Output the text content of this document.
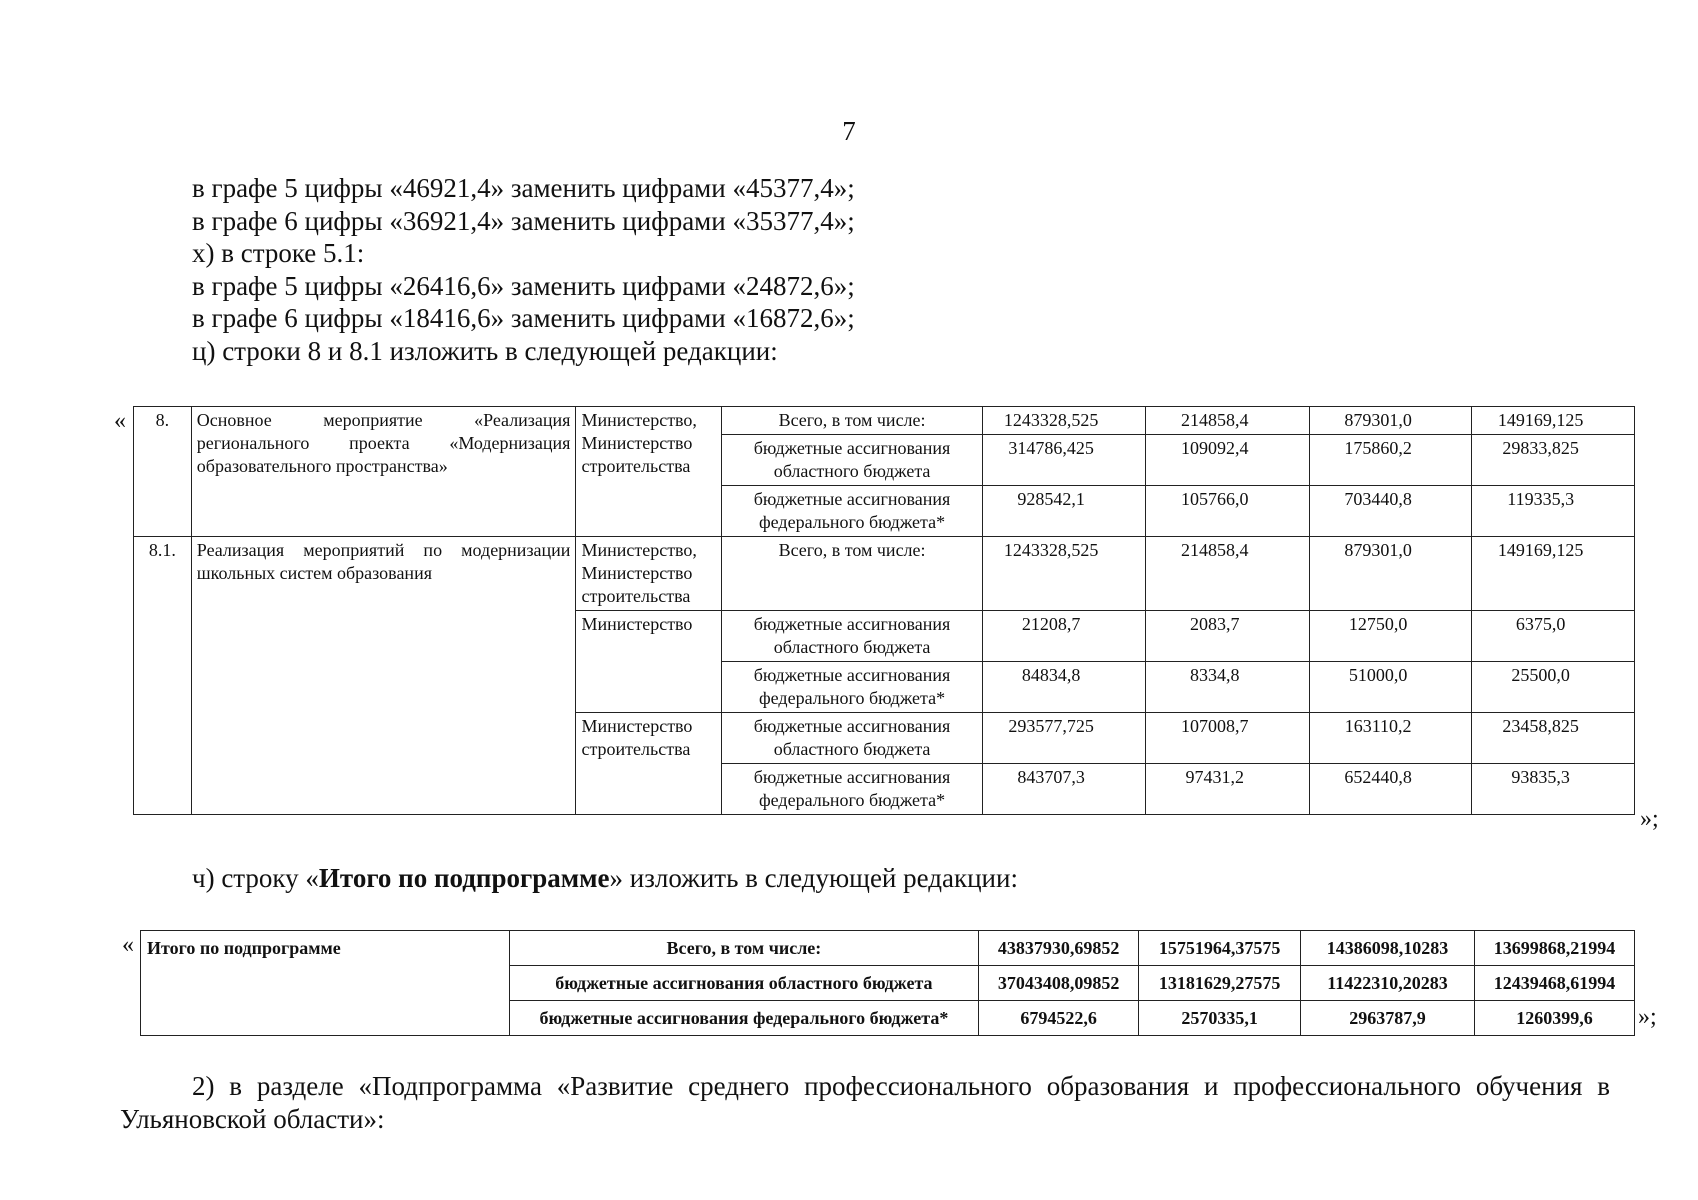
7
в графе 5 цифры «46921,4» заменить цифрами «45377,4»;
в графе 6 цифры «36921,4» заменить цифрами «35377,4»;
х) в строке 5.1:
в графе 5 цифры «26416,6» заменить цифрами «24872,6»;
в графе 6 цифры «18416,6» заменить цифрами «16872,6»;
ц) строки 8 и 8.1 изложить в следующей редакции:
« 8.	Основное мероприятие «Реализация регионального проекта «Модернизация образовательного пространства»	Министерство, Министерство строительства	Всего, в том числе:	1243328,525	214858,4	879301,0	149169,125
			бюджетные ассигнования областного бюджета	314786,425	109092,4	175860,2	29833,825
			бюджетные ассигнования федерального бюджета*	928542,1	105766,0	703440,8	119335,3
8.1.	Реализация мероприятий по модернизации школьных систем образования	Министерство, Министерство строительства	Всего, в том числе:	1243328,525	214858,4	879301,0	149169,125
		Министерство	бюджетные ассигнования областного бюджета	21208,7	2083,7	12750,0	6375,0
			бюджетные ассигнования федерального бюджета*	84834,8	8334,8	51000,0	25500,0
		Министерство строительства	бюджетные ассигнования областного бюджета	293577,725	107008,7	163110,2	23458,825
			бюджетные ассигнования федерального бюджета*	843707,3	97431,2	652440,8	93835,3
»;
ч) строку «Итого по подпрограмме» изложить в следующей редакции:
« Итого по подпрограмме	Всего, в том числе:	43837930,69852	15751964,37575	14386098,10283	13699868,21994
	бюджетные ассигнования областного бюджета	37043408,09852	13181629,27575	11422310,20283	12439468,61994
	бюджетные ассигнования федерального бюджета*	6794522,6	2570335,1	2963787,9	1260399,6 »;
2) в разделе «Подпрограмма «Развитие среднего профессионального образования и профессионального обучения в Ульяновской области»:
